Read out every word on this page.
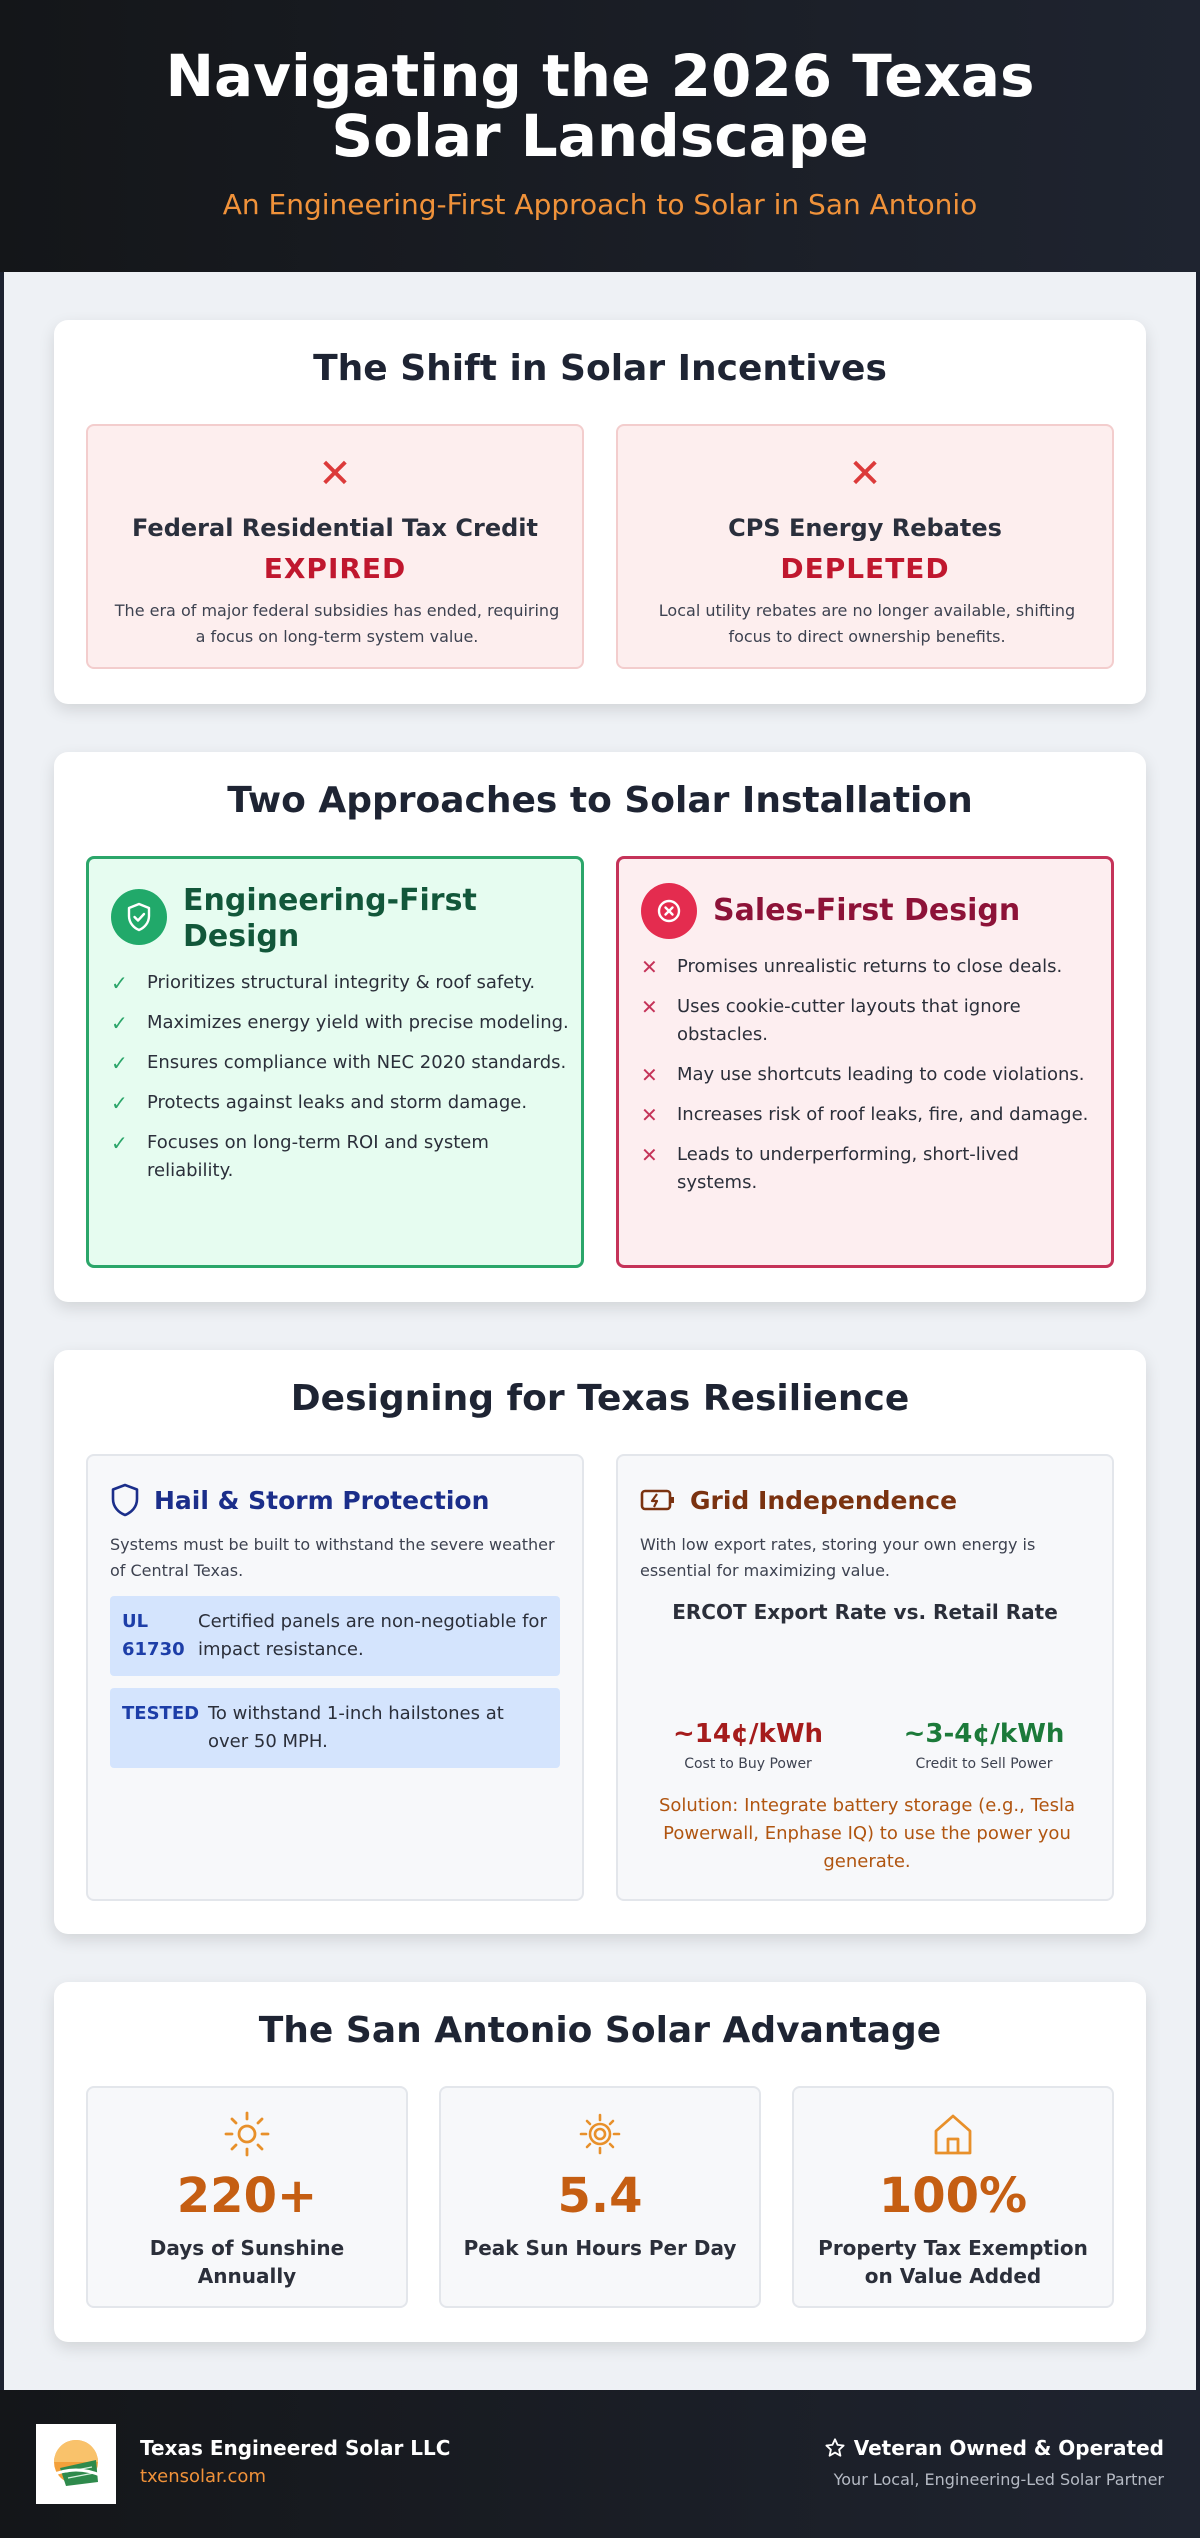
Navigating the 2026 Texas Solar Landscape
An Engineering-First Approach to Solar in San Antonio
The Shift in Solar Incentives
✕
Federal Residential Tax Credit
EXPIRED
The era of major federal subsidies has ended, requiring a focus on long-term system value.
✕
CPS Energy Rebates
DEPLETED
Local utility rebates are no longer available, shifting focus to direct ownership benefits.
Two Approaches to Solar Installation
Engineering-First Design
✓ Prioritizes structural integrity & roof safety.
✓ Maximizes energy yield with precise modeling.
✓ Ensures compliance with NEC 2020 standards.
✓ Protects against leaks and storm damage.
✓ Focuses on long-term ROI and system reliability.
Sales-First Design
✕ Promises unrealistic returns to close deals.
✕ Uses cookie-cutter layouts that ignore obstacles.
✕ May use shortcuts leading to code violations.
✕ Increases risk of roof leaks, fire, and damage.
✕ Leads to underperforming, short-lived systems.
Designing for Texas Resilience
Hail & Storm Protection
Systems must be built to withstand the severe weather of Central Texas.
UL 61730
Certified panels are non-negotiable for impact resistance.
TESTED To withstand 1-inch hailstones at over 50 MPH.
Grid Independence
With low export rates, storing your own energy is essential for maximizing value.
ERCOT Export Rate vs. Retail Rate
~14¢/kWh
Cost to Buy Power
~3-4¢/kWh
Credit to Sell Power
Solution: Integrate battery storage (e.g., Tesla Powerwall, Enphase IQ) to use the power you generate.
The San Antonio Solar Advantage
220+
Days of Sunshine Annually
5.4
Peak Sun Hours Per Day
100%
Property Tax Exemption on Value Added
Texas Engineered Solar LLC
txensolar.com
Veteran Owned & Operated
Your Local, Engineering-Led Solar Partner
